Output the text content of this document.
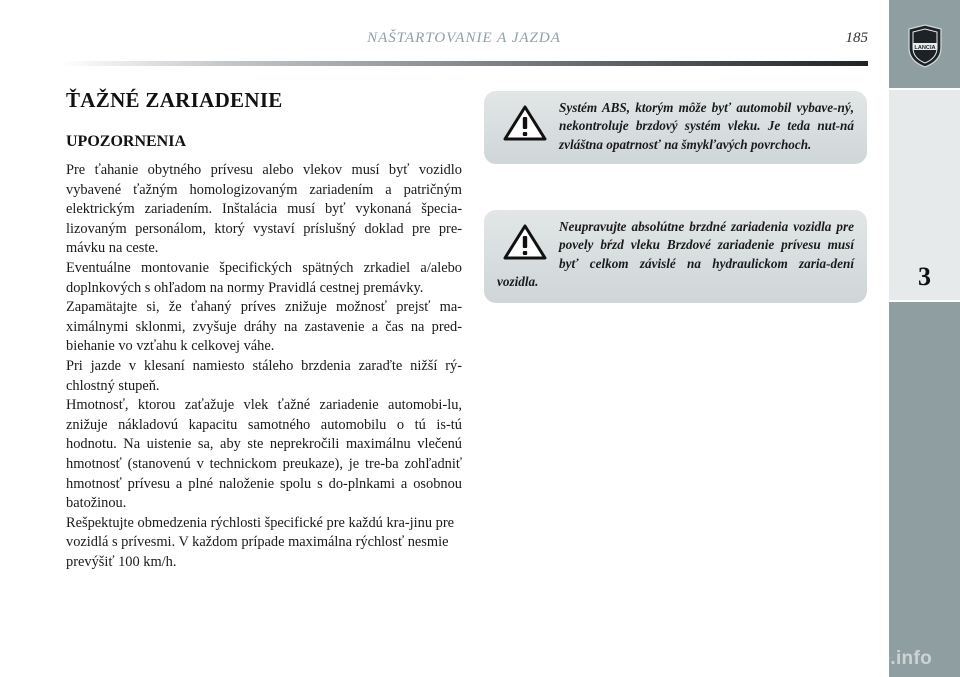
NAŠTARTOVANIE A JAZDA	185
3
LANCIA
ŤAŽNÉ ZARIADENIE
UPOZORNENIA

Pre ťahanie obytného prívesu alebo vlekov musí byť vozidlo vybavené ťažným homologizovaným zariadením a patričným elektrickým zariadením. Inštalácia musí byť vykonaná špecia-lizovaným personálom, ktorý vystaví príslušný doklad pre pre-mávku na ceste.

Eventuálne montovanie špecifických spätných zrkadiel a/alebo doplnkových s ohľadom na normy Pravidlá cestnej premávky.

Zapamätajte si, že ťahaný príves znižuje možnosť prejsť ma-ximálnymi sklonmi, zvyšuje dráhy na zastavenie a čas na pred-biehanie vo vzťahu k celkovej váhe.

Pri jazde v klesaní namiesto stáleho brzdenia zaraďte nižší rý-chlostný stupeň.

Hmotnosť, ktorou zaťažuje vlek ťažné zariadenie automobi-lu, znižuje nákladovú kapacitu samotného automobilu o tú is-tú hodnotu. Na uistenie sa, aby ste neprekročili maximálnu vlečenú hmotnosť (stanovenú v technickom preukaze), je tre-ba zohľadniť hmotnosť prívesu a plné naloženie spolu s do-plnkami a osobnou batožinou.

Rešpektujte obmedzenia rýchlosti špecifické pre každú kra-jinu pre vozidlá s prívesmi. V každom prípade maximálna rýchlosť nesmie prevýšiť 100 km/h.

Systém ABS, ktorým môže byť automobil vybave-ný, nekontroluje brzdový systém vleku. Je teda nut-ná zvláštna opatrnosť na šmykľavých povrchoch.
Neupravujte absolútne brzdné zariadenia vozidla pre povely bŕzd vleku Brzdové zariadenie prívesu musí byť celkom závislé na hydraulickom zaria-dení vozidla.
carmanualsonline.info
